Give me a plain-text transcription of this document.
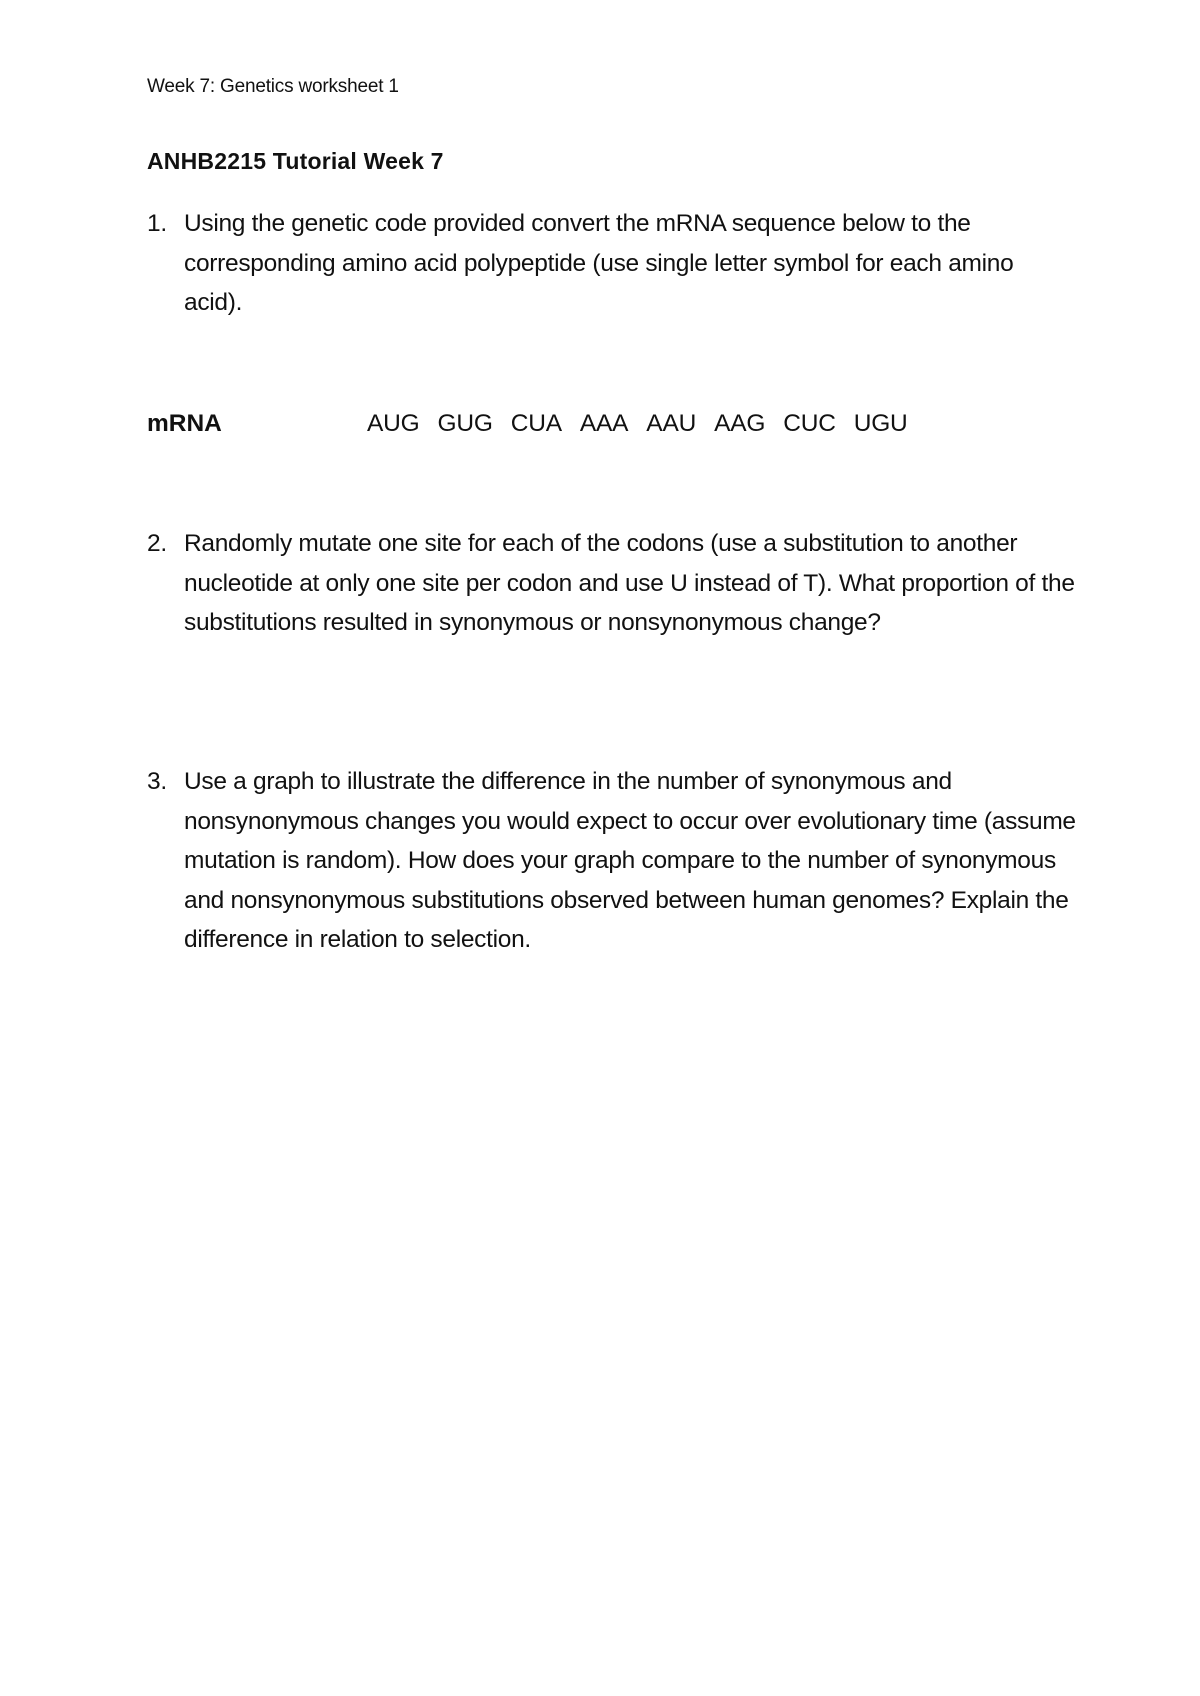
Week 7: Genetics worksheet 1
ANHB2215 Tutorial Week 7
1. Using the genetic code provided convert the mRNA sequence below to the corresponding amino acid polypeptide (use single letter symbol for each amino acid).
mRNA	AUG GUG CUA AAA AAU AAG CUC UGU
2. Randomly mutate one site for each of the codons (use a substitution to another nucleotide at only one site per codon and use U instead of T). What proportion of the substitutions resulted in synonymous or nonsynonymous change?
3. Use a graph to illustrate the difference in the number of synonymous and nonsynonymous changes you would expect to occur over evolutionary time (assume mutation is random). How does your graph compare to the number of synonymous and nonsynonymous substitutions observed between human genomes? Explain the difference in relation to selection.
